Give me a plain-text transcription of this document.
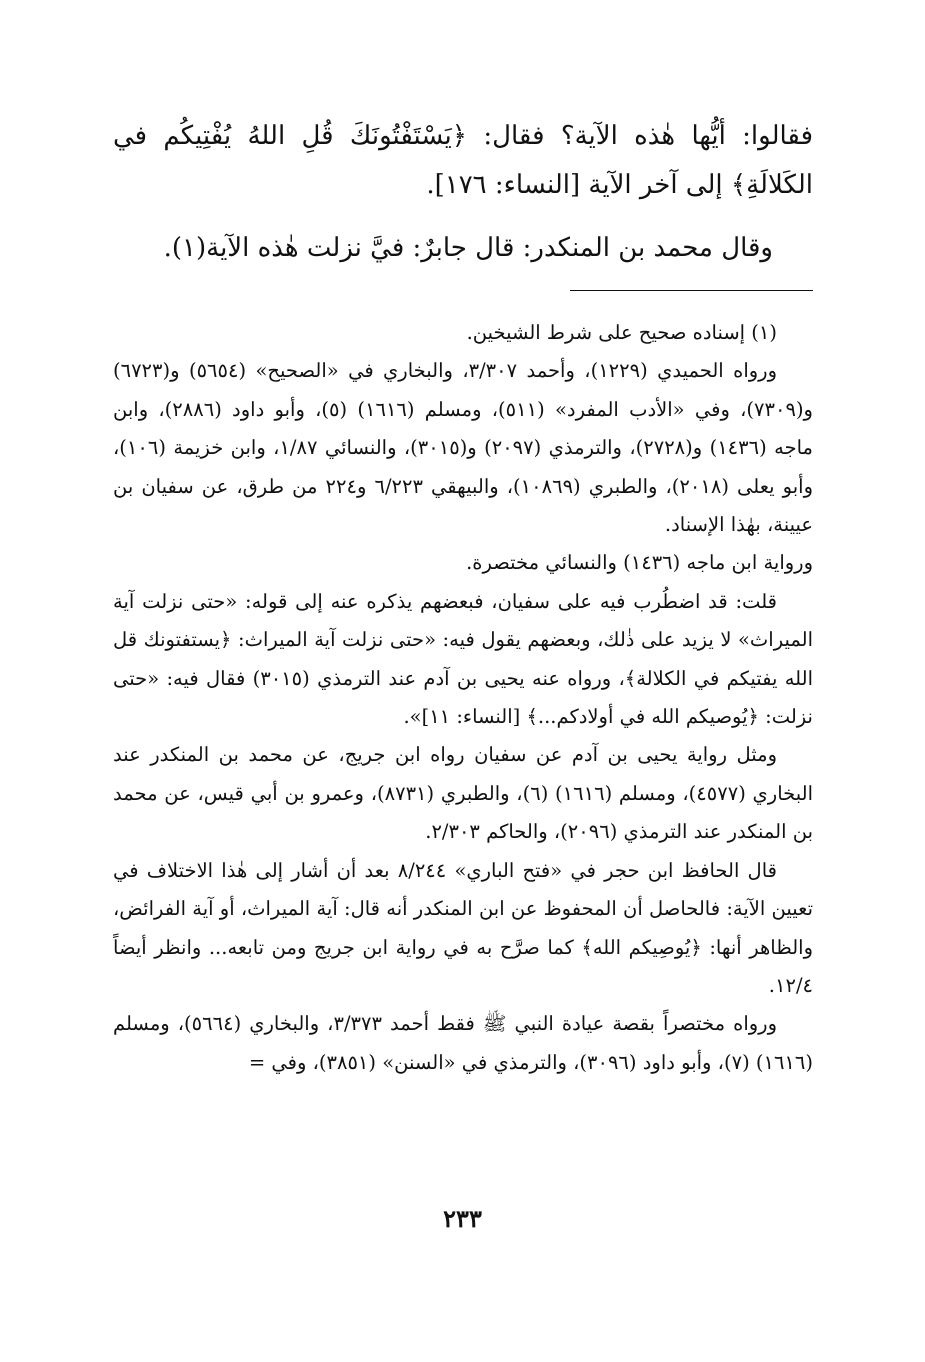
فقالوا: أيُّها هٰذه الآية؟ فقال: ﴿يَسْتَفْتُونَكَ قُلِ اللهُ يُفْتِيكُم في الكَلالَةِ﴾ إلى آخر الآية [النساء: ١٧٦].

وقال محمد بن المنكدر: قال جابرٌ: فيَّ نزلت هٰذه الآية(١).

(١) إسناده صحيح على شرط الشيخين.

ورواه الحميدي (١٢٢٩)، وأحمد ٣/٣٠٧، والبخاري في «الصحيح» (٥٦٥٤) و(٦٧٢٣) و(٧٣٠٩)، وفي «الأدب المفرد» (٥١١)، ومسلم (١٦١٦) (٥)، وأبو داود (٢٨٨٦)، وابن ماجه (١٤٣٦) و(٢٧٢٨)، والترمذي (٢٠٩٧) و(٣٠١٥)، والنسائي ١/٨٧، وابن خزيمة (١٠٦)، وأبو يعلى (٢٠١٨)، والطبري (١٠٨٦٩)، والبيهقي ٦/٢٢٣ و٢٢٤ من طرق، عن سفيان بن عيينة، بهٰذا الإسناد.

ورواية ابن ماجه (١٤٣٦) والنسائي مختصرة.

قلت: قد اضطُرب فيه على سفيان، فبعضهم يذكره عنه إلى قوله: «حتى نزلت آية الميراث» لا يزيد على ذٰلك، وبعضهم يقول فيه: «حتى نزلت آية الميراث: ﴿يستفتونك قل الله يفتيكم في الكلالة﴾، ورواه عنه يحيى بن آدم عند الترمذي (٣٠١٥) فقال فيه: «حتى نزلت: ﴿يُوصيكم الله في أولادكم...﴾ [النساء: ١١]».

ومثل رواية يحيى بن آدم عن سفيان رواه ابن جريج، عن محمد بن المنكدر عند البخاري (٤٥٧٧)، ومسلم (١٦١٦) (٦)، والطبري (٨٧٣١)، وعمرو بن أبي قيس، عن محمد بن المنكدر عند الترمذي (٢٠٩٦)، والحاكم ٢/٣٠٣.

قال الحافظ ابن حجر في «فتح الباري» ٨/٢٤٤ بعد أن أشار إلى هٰذا الاختلاف في تعيين الآية: فالحاصل أن المحفوظ عن ابن المنكدر أنه قال: آية الميراث، أو آية الفرائض، والظاهر أنها: ﴿يُوصِيكم الله﴾ كما صرَّح به في رواية ابن جريج ومن تابعه... وانظر أيضاً ١٢/٤.

ورواه مختصراً بقصة عيادة النبي ﷺ فقط أحمد ٣/٣٧٣، والبخاري (٥٦٦٤)، ومسلم (١٦١٦) (٧)، وأبو داود (٣٠٩٦)، والترمذي في «السنن» (٣٨٥١)، وفي =

٢٣٣
